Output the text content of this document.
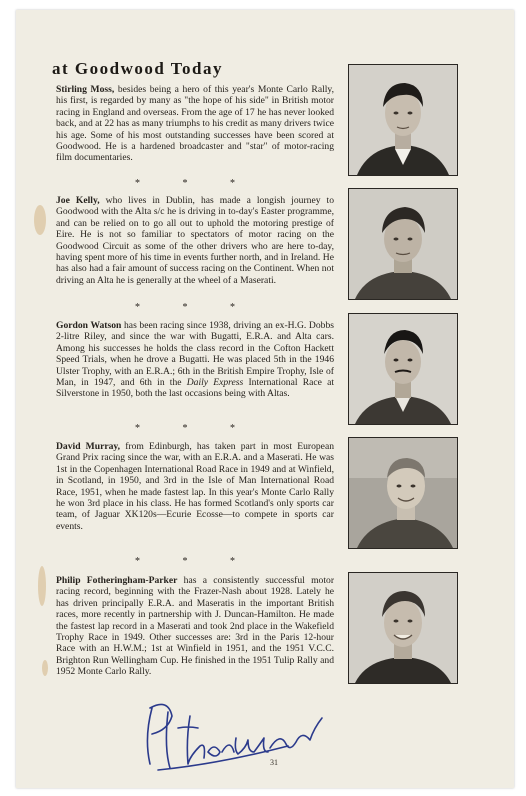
at Goodwood Today
Stirling Moss, besides being a hero of this year's Monte Carlo Rally, his first, is regarded by many as "the hope of his side" in British motor racing in England and overseas. From the age of 17 he has never looked back, and at 22 has as many triumphs to his credit as many drivers twice his age. Some of his most outstanding successes have been scored at Goodwood. He is a hardened broadcaster and "star" of motor-racing film documentaries.
* * *
Joe Kelly, who lives in Dublin, has made a longish journey to Goodwood with the Alta s/c he is driving in to-day's Easter programme, and can be relied on to go all out to uphold the motoring prestige of Eire. He is not so familiar to spectators of motor racing on the Goodwood Circuit as some of the other drivers who are here to-day, having spent more of his time in events further north, and in Ireland. He has also had a fair amount of success racing on the Continent. When not driving an Alta he is generally at the wheel of a Maserati.
* * *
Gordon Watson has been racing since 1938, driving an ex-H.G. Dobbs 2-litre Riley, and since the war with Bugatti, E.R.A. and Alta cars. Among his successes he holds the class record in the Cofton Hackett Speed Trials, when he drove a Bugatti. He was placed 5th in the 1946 Ulster Trophy, with an E.R.A.; 6th in the British Empire Trophy, Isle of Man, in 1947, and 6th in the Daily Express International Race at Silverstone in 1950, both the last occasions being with Altas.
* * *
David Murray, from Edinburgh, has taken part in most European Grand Prix racing since the war, with an E.R.A. and a Maserati. He was 1st in the Copenhagen International Road Race in 1949 and at Winfield, in Scotland, in 1950, and 3rd in the Isle of Man International Road Race, 1951, when he made fastest lap. In this year's Monte Carlo Rally he won 3rd place in his class. He has formed Scotland's only sports car team, of Jaguar XK120s—Ecurie Ecosse—to compete in sports car events.
* * *
Philip Fotheringham-Parker has a consistently successful motor racing record, beginning with the Frazer-Nash about 1928. Lately he has driven principally E.R.A. and Maseratis in the important British races, more recently in partnership with J. Duncan-Hamilton. He made the fastest lap record in a Maserati and took 2nd place in the Wakefield Trophy Race in 1949. Other successes are: 3rd in the Paris 12-hour Race with an H.W.M.; 1st at Winfield in 1951, and the 1951 V.C.C. Brighton Run Wellingham Cup. He finished in the 1951 Tulip Rally and 1952 Monte Carlo Rally.
31
